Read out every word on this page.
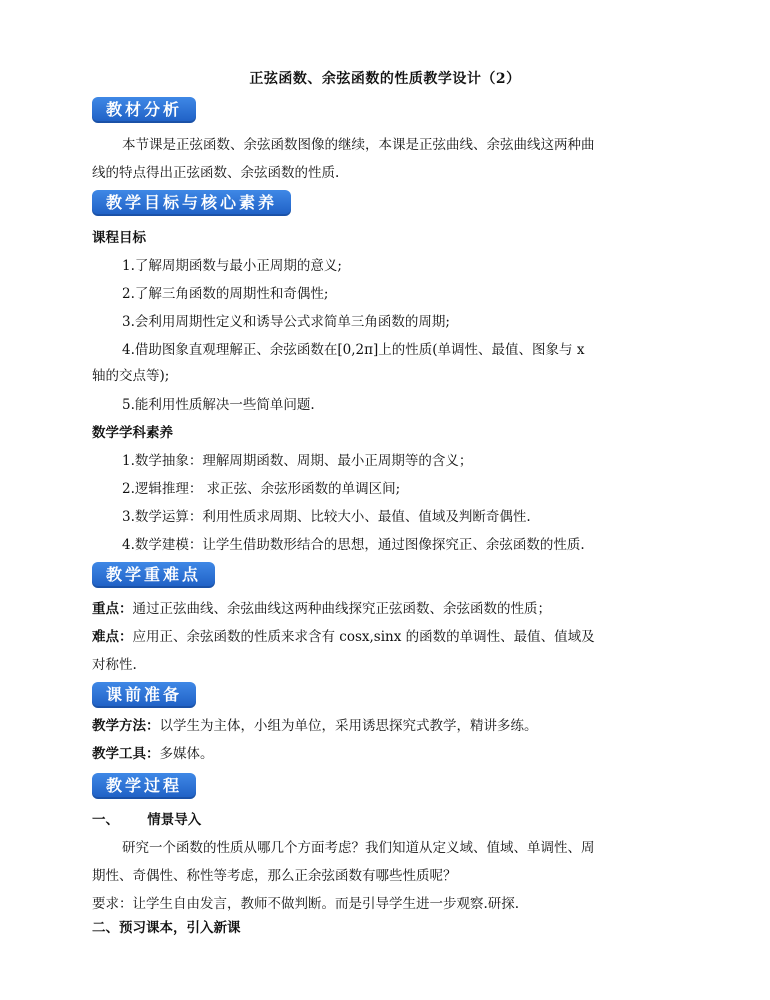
正弦函数、余弦函数的性质教学设计（2）
教材分析
本节课是正弦函数、余弦函数图像的继续，本课是正弦曲线、余弦曲线这两种曲
线的特点得出正弦函数、余弦函数的性质.
教学目标与核心素养
课程目标
1.了解周期函数与最小正周期的意义;
2.了解三角函数的周期性和奇偶性;
3.会利用周期性定义和诱导公式求简单三角函数的周期;
4.借助图象直观理解正、余弦函数在[0,2π]上的性质(单调性、最值、图象与 x
轴的交点等);
5.能利用性质解决一些简单问题.
数学学科素养
1.数学抽象：理解周期函数、周期、最小正周期等的含义；
2.逻辑推理： 求正弦、余弦形函数的单调区间;
3.数学运算：利用性质求周期、比较大小、最值、值域及判断奇偶性.
4.数学建模：让学生借助数形结合的思想，通过图像探究正、余弦函数的性质.
教学重难点
重点：通过正弦曲线、余弦曲线这两种曲线探究正弦函数、余弦函数的性质；
难点：应用正、余弦函数的性质来求含有 cosx,sinx 的函数的单调性、最值、值域及
对称性.
课前准备
教学方法：以学生为主体，小组为单位，采用诱思探究式教学，精讲多练。
教学工具：多媒体。
教学过程
一、      情景导入
研究一个函数的性质从哪几个方面考虑？我们知道从定义域、值域、单调性、周
期性、奇偶性、称性等考虑，那么正余弦函数有哪些性质呢？
要求：让学生自由发言，教师不做判断。而是引导学生进一步观察.研探.
二、预习课本，引入新课
